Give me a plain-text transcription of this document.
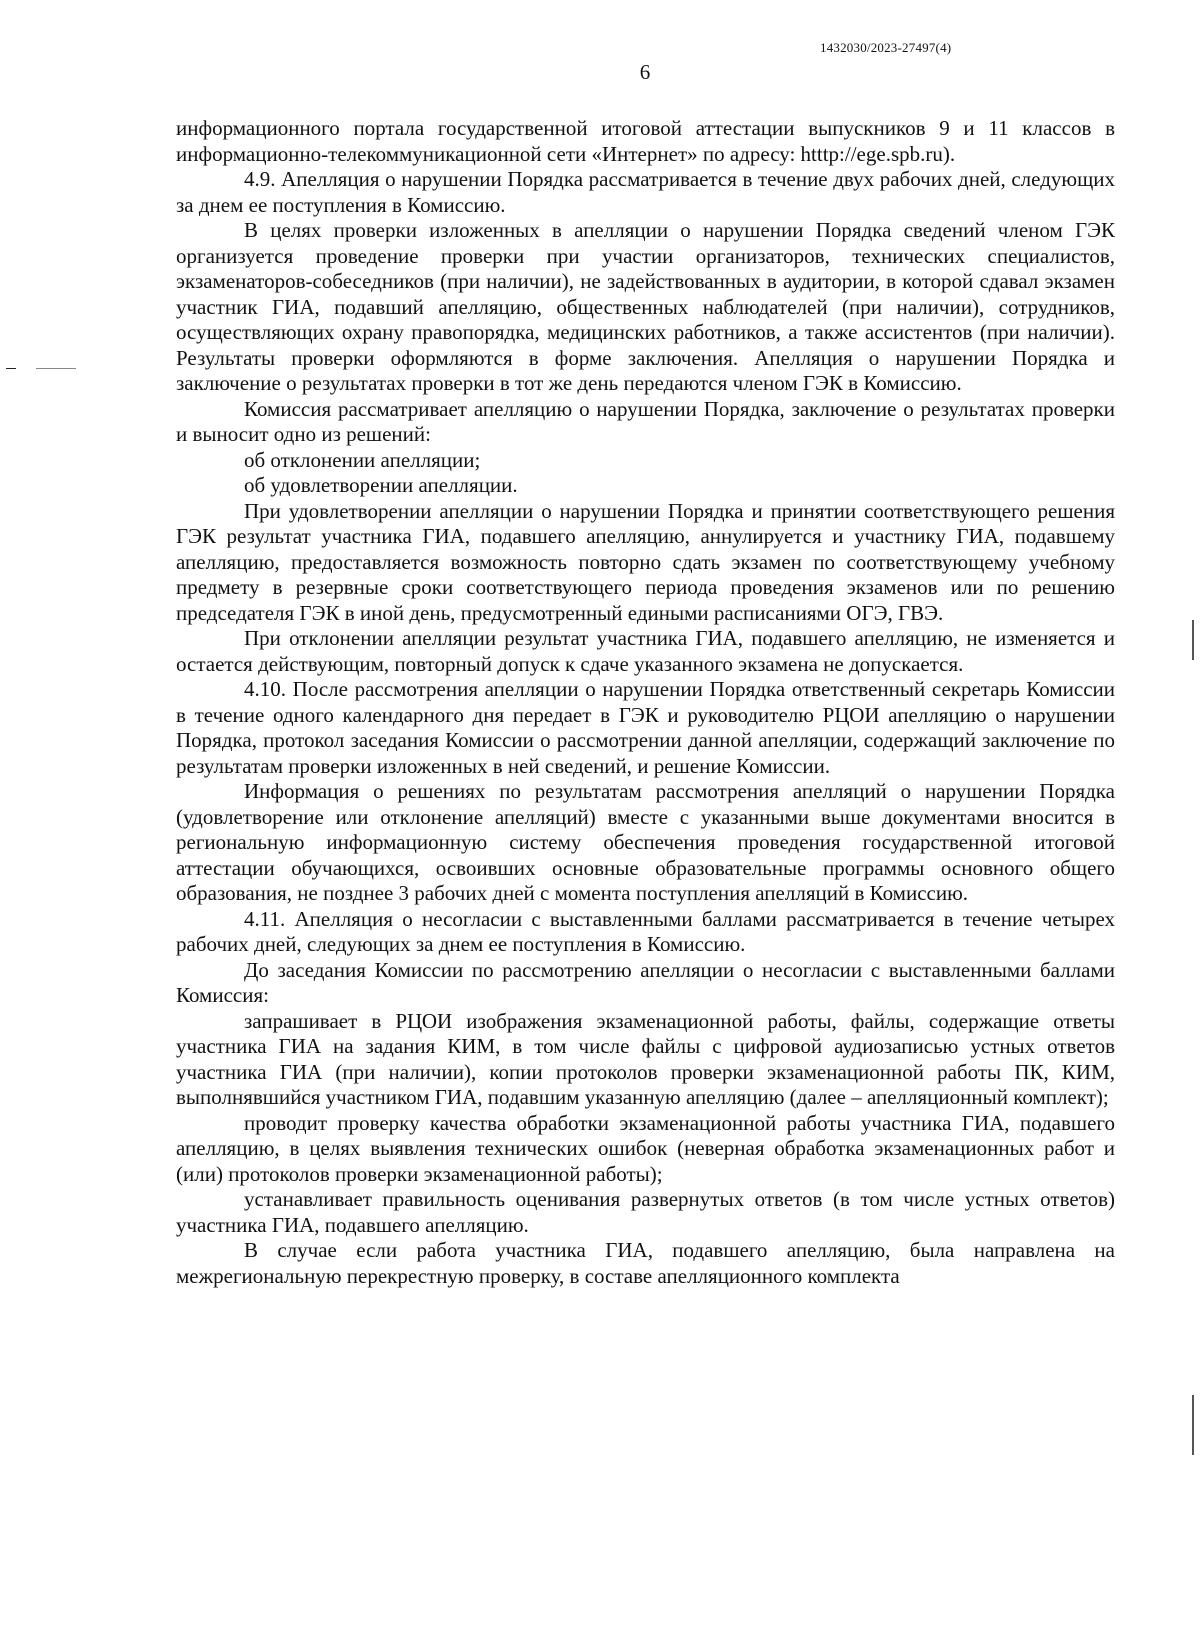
1432030/2023-27497(4)
6

информационного портала государственной итоговой аттестации выпускников 9 и 11 классов в информационно-телекоммуникационной сети «Интернет» по адресу: htttp://ege.spb.ru).

4.9. Апелляция о нарушении Порядка рассматривается в течение двух рабочих дней, следующих за днем ее поступления в Комиссию.

В целях проверки изложенных в апелляции о нарушении Порядка сведений членом ГЭК организуется проведение проверки при участии организаторов, технических специалистов, экзаменаторов-собеседников (при наличии), не задействованных в аудитории, в которой сдавал экзамен участник ГИА, подавший апелляцию, общественных наблюдателей (при наличии), сотрудников, осуществляющих охрану правопорядка, медицинских работников, а также ассистентов (при наличии). Результаты проверки оформляются в форме заключения. Апелляция о нарушении Порядка и заключение о результатах проверки в тот же день передаются членом ГЭК в Комиссию.

Комиссия рассматривает апелляцию о нарушении Порядка, заключение о результатах проверки и выносит одно из решений:

об отклонении апелляции;

об удовлетворении апелляции.

При удовлетворении апелляции о нарушении Порядка и принятии соответствующего решения ГЭК результат участника ГИА, подавшего апелляцию, аннулируется и участнику ГИА, подавшему апелляцию, предоставляется возможность повторно сдать экзамен по соответствующему учебному предмету в резервные сроки соответствующего периода проведения экзаменов или по решению председателя ГЭК в иной день, предусмотренный едиными расписаниями ОГЭ, ГВЭ.

При отклонении апелляции результат участника ГИА, подавшего апелляцию, не изменяется и остается действующим, повторный допуск к сдаче указанного экзамена не допускается.

4.10. После рассмотрения апелляции о нарушении Порядка ответственный секретарь Комиссии в течение одного календарного дня передает в ГЭК и руководителю РЦОИ апелляцию о нарушении Порядка, протокол заседания Комиссии о рассмотрении данной апелляции, содержащий заключение по результатам проверки изложенных в ней сведений, и решение Комиссии.

Информация о решениях по результатам рассмотрения апелляций о нарушении Порядка (удовлетворение или отклонение апелляций) вместе с указанными выше документами вносится в региональную информационную систему обеспечения проведения государственной итоговой аттестации обучающихся, освоивших основные образовательные программы основного общего образования, не позднее 3 рабочих дней с момента поступления апелляций в Комиссию.

4.11. Апелляция о несогласии с выставленными баллами рассматривается в течение четырех рабочих дней, следующих за днем ее поступления в Комиссию.

До заседания Комиссии по рассмотрению апелляции о несогласии с выставленными баллами Комиссия:

запрашивает в РЦОИ изображения экзаменационной работы, файлы, содержащие ответы участника ГИА на задания КИМ, в том числе файлы с цифровой аудиозаписью устных ответов участника ГИА (при наличии), копии протоколов проверки экзаменационной работы ПК, КИМ, выполнявшийся участником ГИА, подавшим указанную апелляцию (далее – апелляционный комплект);

проводит проверку качества обработки экзаменационной работы участника ГИА, подавшего апелляцию, в целях выявления технических ошибок (неверная обработка экзаменационных работ и (или) протоколов проверки экзаменационной работы);

устанавливает правильность оценивания развернутых ответов (в том числе устных ответов) участника ГИА, подавшего апелляцию.

В случае если работа участника ГИА, подавшего апелляцию, была направлена на межрегиональную перекрестную проверку, в составе апелляционного комплекта
